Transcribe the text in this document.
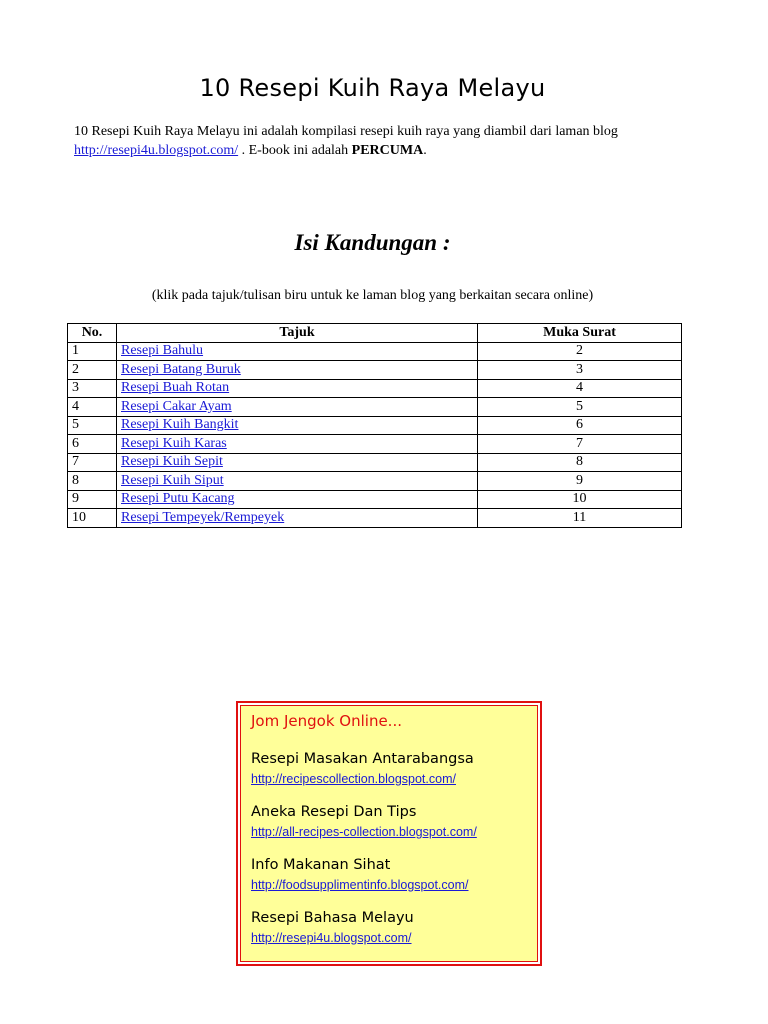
10 Resepi Kuih Raya Melayu
10 Resepi Kuih Raya Melayu ini adalah kompilasi resepi kuih raya yang diambil dari laman blog http://resepi4u.blogspot.com/ . E-book ini adalah PERCUMA.
Isi Kandungan :
(klik pada tajuk/tulisan biru untuk ke laman blog yang berkaitan secara online)
No.	Tajuk	Muka Surat
1	Resepi Bahulu	2
2	Resepi Batang Buruk	3
3	Resepi Buah Rotan	4
4	Resepi Cakar Ayam	5
5	Resepi Kuih Bangkit	6
6	Resepi Kuih Karas	7
7	Resepi Kuih Sepit	8
8	Resepi Kuih Siput	9
9	Resepi Putu Kacang	10
10	Resepi Tempeyek/Rempeyek	11
Jom Jengok Online...
Resepi Masakan Antarabangsa
http://recipescollection.blogspot.com/
Aneka Resepi Dan Tips
http://all-recipes-collection.blogspot.com/
Info Makanan Sihat
http://foodsupplimentinfo.blogspot.com/
Resepi Bahasa Melayu
http://resepi4u.blogspot.com/
